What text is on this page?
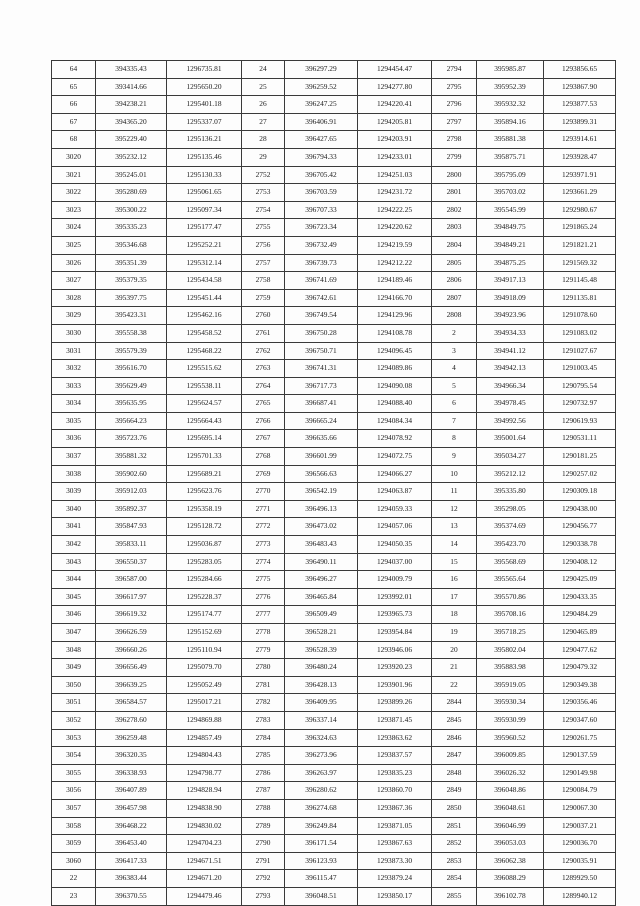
64	394335.43	1296735.81	24	396297.29	1294454.47	2794	395985.87	1293856.65
65	393414.66	1295650.20	25	396259.52	1294277.80	2795	395952.39	1293867.90
66	394238.21	1295401.18	26	396247.25	1294220.41	2796	395932.32	1293877.53
67	394365.20	1295337.07	27	396406.91	1294205.81	2797	395894.16	1293899.31
68	395229.40	1295136.21	28	396427.65	1294203.91	2798	395881.38	1293914.61
3020	395232.12	1295135.46	29	396794.33	1294233.01	2799	395875.71	1293928.47
3021	395245.01	1295130.33	2752	396705.42	1294251.03	2800	395795.09	1293971.91
3022	395280.69	1295061.65	2753	396703.59	1294231.72	2801	395703.02	1293661.29
3023	395300.22	1295097.34	2754	396707.33	1294222.25	2802	395545.99	1292980.67
3024	395335.23	1295177.47	2755	396723.34	1294220.62	2803	394849.75	1291865.24
3025	395346.68	1295252.21	2756	396732.49	1294219.59	2804	394849.21	1291821.21
3026	395351.39	1295312.14	2757	396739.73	1294212.22	2805	394875.25	1291569.32
3027	395379.35	1295434.58	2758	396741.69	1294189.46	2806	394917.13	1291145.48
3028	395397.75	1295451.44	2759	396742.61	1294166.70	2807	394918.09	1291135.81
3029	395423.31	1295462.16	2760	396749.54	1294129.96	2808	394923.96	1291078.60
3030	395558.38	1295458.52	2761	396750.28	1294108.78	2	394934.33	1291083.02
3031	395579.39	1295468.22	2762	396750.71	1294096.45	3	394941.12	1291027.67
3032	395616.70	1295515.62	2763	396741.31	1294089.86	4	394942.13	1291003.45
3033	395629.49	1295538.11	2764	396717.73	1294090.08	5	394966.34	1290795.54
3034	395635.95	1295624.57	2765	396687.41	1294088.40	6	394978.45	1290732.97
3035	395664.23	1295664.43	2766	396665.24	1294084.34	7	394992.56	1290619.93
3036	395723.76	1295695.14	2767	396635.66	1294078.92	8	395001.64	1290531.11
3037	395881.32	1295701.33	2768	396601.99	1294072.75	9	395034.27	1290181.25
3038	395902.60	1295689.21	2769	396566.63	1294066.27	10	395212.12	1290257.02
3039	395912.03	1295623.76	2770	396542.19	1294063.87	11	395335.80	1290309.18
3040	395892.37	1295358.19	2771	396496.13	1294059.33	12	395298.05	1290438.00
3041	395847.93	1295128.72	2772	396473.02	1294057.06	13	395374.69	1290456.77
3042	395833.11	1295036.87	2773	396483.43	1294050.35	14	395423.70	1290338.78
3043	396550.37	1295283.05	2774	396490.11	1294037.00	15	395568.69	1290408.12
3044	396587.00	1295284.66	2775	396496.27	1294009.79	16	395565.64	1290425.09
3045	396617.97	1295228.37	2776	396465.84	1293992.01	17	395570.86	1290433.35
3046	396619.32	1295174.77	2777	396509.49	1293965.73	18	395708.16	1290484.29
3047	396626.59	1295152.69	2778	396528.21	1293954.84	19	395718.25	1290465.89
3048	396660.26	1295110.94	2779	396528.39	1293946.06	20	395802.04	1290477.62
3049	396656.49	1295079.70	2780	396480.24	1293920.23	21	395883.98	1290479.32
3050	396639.25	1295052.49	2781	396428.13	1293901.96	22	395919.05	1290349.38
3051	396584.57	1295017.21	2782	396409.95	1293899.26	2844	395930.34	1290356.46
3052	396278.60	1294869.88	2783	396337.14	1293871.45	2845	395930.99	1290347.60
3053	396259.48	1294857.49	2784	396324.63	1293863.62	2846	395960.52	1290261.75
3054	396320.35	1294804.43	2785	396273.96	1293837.57	2847	396009.85	1290137.59
3055	396338.93	1294798.77	2786	396263.97	1293835.23	2848	396026.32	1290149.98
3056	396407.89	1294828.94	2787	396280.62	1293860.70	2849	396048.86	1290084.79
3057	396457.98	1294838.90	2788	396274.68	1293867.36	2850	396048.61	1290067.30
3058	396468.22	1294830.02	2789	396249.84	1293871.05	2851	396046.99	1290037.21
3059	396453.40	1294704.23	2790	396171.54	1293867.63	2852	396053.03	1290036.70
3060	396417.33	1294671.51	2791	396123.93	1293873.30	2853	396062.38	1290035.91
22	396383.44	1294671.20	2792	396115.47	1293879.24	2854	396088.29	1289929.50
23	396370.55	1294479.46	2793	396048.51	1293850.17	2855	396102.78	1289940.12
